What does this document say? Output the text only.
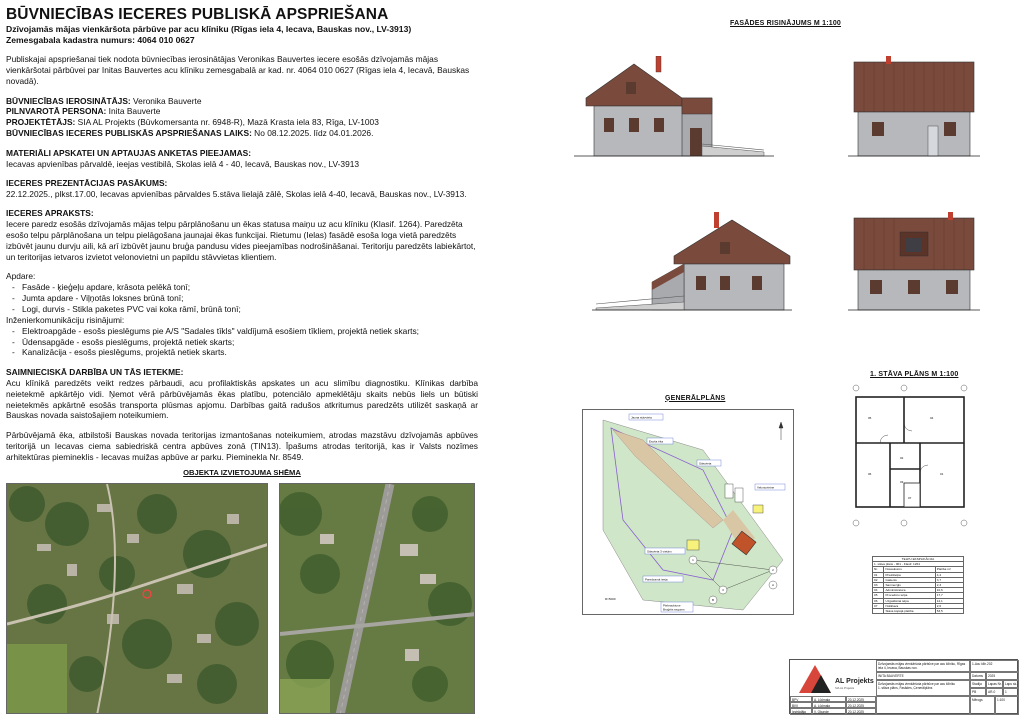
BŪVNIECĪBAS IECERES PUBLISKĀ APSPRIEŠANA
Dzīvojamās mājas vienkāršota pārbūve par acu klīniku (Rīgas iela 4, Iecava, Bauskas nov., LV-3913)
Zemesgabala kadastra numurs: 4064 010 0627
Publiskajai apspriešanai tiek nodota būvniecības ierosinātājas Veronikas Bauvertes iecere esošās dzīvojamās mājas vienkāršotai pārbūvei par Initas Bauvertes acu klīniku zemesgabalā ar kad. nr. 4064 010 0627 (Rīgas iela 4, Iecavā, Bauskas novadā).
BŪVNIECĪBAS IEROSINĀTĀJS: Veronika Bauverte
PILNVAROTĀ PERSONA: Inita Bauverte
PROJEKTĒTĀJS: SIA AL Projekts (Būvkomersanta nr. 6948-R), Mazā Krasta iela 83, Rīga, LV-1003
BŪVNIECĪBAS IECERES PUBLISKĀS APSPRIEŠANAS LAIKS: No 08.12.2025. līdz 04.01.2026.
MATERIĀLI APSKATEI UN APTAUJAS ANKETAS PIEEJAMAS:
Iecavas apvienības pārvaldē, ieejas vestibilā, Skolas ielā 4 - 40, Iecavā, Bauskas nov., LV-3913
IECERES PREZENTĀCIJAS PASĀKUMS:
22.12.2025., plkst.17.00, Iecavas apvienības pārvaldes 5.stāva lielajā zālē, Skolas ielā 4-40, Iecavā, Bauskas nov., LV-3913.
IECERES APRAKSTS:
Iecere paredz esošās dzīvojamās mājas telpu pārplānošanu un ēkas statusa maiņu uz acu klīniku (Klasif. 1264). Paredzēta esošo telpu pārplānošana un telpu pielāgošana jaunajai ēkas funkcijai. Rietumu (Ielas) fasādē esoša loga vietā paredzēts izbūvēt jaunu durvju aili, kā arī izbūvēt jaunu bruģa pandusu vides pieejamības nodrošināšanai. Teritoriju paredzēts labiekārtot, un teritorijas ietvaros izvietot velonovietni un papildu stāvvietas klientiem.
Apdare:
- Fasāde - ķieģeļu apdare, krāsota pelēkā tonī;
- Jumta apdare - Viļņotās loksnes brūnā tonī;
- Logi, durvis - Stikla paketes PVC vai koka rāmī, brūnā tonī;
Inženierkomunikāciju risinājumi:
- Elektroapgāde - esošs pieslēgums pie A/S "Sadales tīkls" valdījumā esošiem tīkliem, projektā netiek skarts;
- Ūdensapgāde - esošs pieslēgums, projektā netiek skarts;
- Kanalizācija - esošs pieslēgums, projektā netiek skarts.
SAIMNIECISKĀ DARBĪBA UN TĀS IETEKME:
Acu klīnikā paredzēts veikt redzes pārbaudi, acu profilaktiskās apskates un acu slimību diagnostiku. Klīnikas darbība neietekmē apkārtējo vidi. Ņemot vērā pārbūvējamās ēkas platību, potenciālo apmeklētāju skaits nebūs liels un būtiski neietekmēs apkārtnē esošās transporta plūsmas apjomu. Darbības gaitā radušos atkritumus paredzēts utilizēt saskaņā ar Bauskas novada saistošajiem noteikumiem.
Pārbūvējamā ēka, atbilstoši Bauskas novada teritorijas izmantošanas noteikumiem, atrodas mazstāvu dzīvojamās apbūves teritorijā un Iecavas ciema sabiedriskā centra apbūves zonā (TIN13). Īpašums atrodas teritorijā, kas ir Valsts nozīmes arhitektūras piemineklis - Iecavas muižas apbūve ar parku. Piemineklа Nr. 8549.
OBJEKTA IZVIETOJUMA SHĒMA
FASĀDES RISINĀJUMS M 1:100
ĢENERĀLPLĀNS
1
2
3
A
B
Jauna stāvvieta
Esoša ēka
Stāvvieta
Velonovietne
Stāvvieta 3 vietām
Paredzamā ieeja
Piebrauktuve
Bruģēts segums
R=5000
1. STĀVA PLĀNS M 1:100
05	04
06
02
03
01
07
TELPU EKSPLIKĀCIJA		
1. stāva plāns - 001 - Klasif. 1264		
Nr.	Nosaukums	Platība m²
01	Priekštelpa	4,4
02	Gaitenis	3,7
03	Sanmezgls	2,3
04	Administratora	10,6
05	Procedūru telpa	17,7
06	Uzgaidāmā telpa	12,1
07	Noliktava	2,6
	Stāva kopējā platība	53,5
AL Projekts
SIA AL Projekts
Dzīvojamās mājas vienkāršota pārbūve par acu klīniku, Rīgas iela 4, Iecava, Bauskas nov.
INITA BAUVERTE
Dzīvojamās mājas vienkāršota pārbūve par acu klīniku
1. stāva plāns, Fasādes, Ģenerālplāns
1-Acu klīn.202
Datums	2025
BPV	A. Lūčmaļa	20.12.2025
BIVI	A. Lūčmaļa	20.12.2025
Izstrādāja	V. Okunde	20.12.2025
Stadija	Lapas Nr.	Lapu sk.
PB	AR-0	1
Mērogs	1:100
